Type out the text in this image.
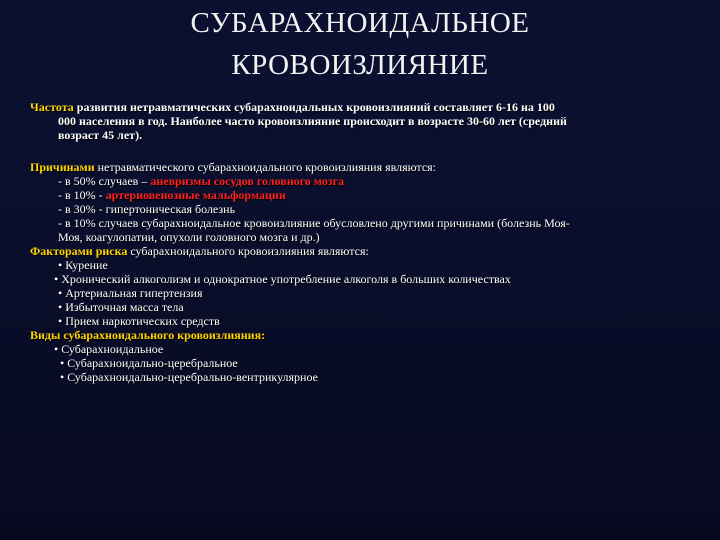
СУБАРАХНОИДАЛЬНОЕ
КРОВОИЗЛИЯНИЕ
Частота развития нетравматических субарахноидальных кровоизлияний составляет 6-16 на 100
000 населения в год. Наиболее часто кровоизлияние происходит в возрасте 30-60 лет (средний
возраст 45 лет).
Причинами нетравматического субарахноидального кровоизлияния являются:
- в 50% случаев – аневризмы сосудов головного мозга
- в 10% - артериовенозные мальформации
- в 30% - гипертоническая болезнь
- в 10% случаев субарахноидальное кровоизлияние обусловлено другими причинами (болезнь Моя-
Моя, коагулопатии, опухоли головного мозга и др.)
Факторами риска субарахноидального кровоизлияния являются:
• Курение
• Хронический алкоголизм и однократное употребление алкоголя в больших количествах
• Артериальная гипертензия
• Избыточная масса тела
• Прием наркотических средств
Виды субарахноидального кровоизлияния:
• Субарахноидальное
• Субарахноидально-церебральное
• Субарахноидально-церебрально-вентрикулярное
